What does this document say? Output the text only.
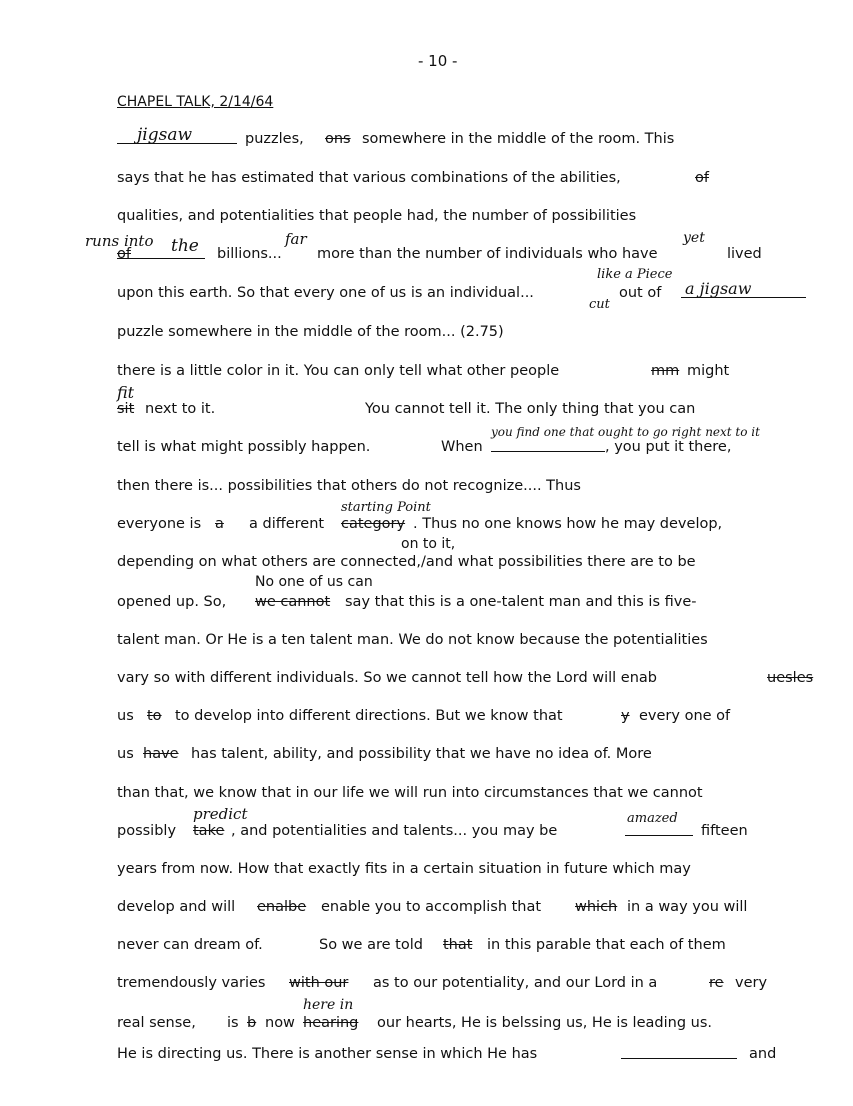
- 10 -
CHAPEL TALK, 2/14/64
jigsaw	puzzles, ons somewhere in the middle of the room. This
says that he has estimated that various combinations of the abilities,	of
qualities, and potentialities that people had, the number of possibilities
runs into
of the billions...
far
more than the number of individuals who have
yet
lived
upon this earth. So that every one of us is an individual...
like a Piece
cut
out of a jigsaw
puzzle somewhere in the middle of the room... (2.75)
there is a little color in it. You can only tell what other people	mm might
fit
sit next to it.	You cannot tell it. The only thing that you can
tell is what might possibly happen.	When
you find one that ought to go right next to it
, you put it there,
then there is... possibilities that others do not recognize.... Thus
everyone is a a different
starting Point
category . Thus no one knows how he may develop,
on to it,
depending on what others are connected,/and what possibilities there are to be
No one of us can
opened up. So, we cannot say that this is a one-talent man and this is five-
talent man. Or He is a ten talent man. We do not know because the potentialities
vary so with different individuals. So we cannot tell how the Lord will enab	uesles
us to to develop into different directions. But we know that	y every one of
us have has talent, ability, and possibility that we have no idea of. More
than that, we know that in our life we will run into circumstances that we cannot
possibly
predict
take , and potentialities and talents... you may be
amazed
fifteen
years from now. How that exactly fits in a certain situation in future which may
develop and will enalbe enable you to accomplish that which in a way you will
never can dream of.	So we are told that in this parable that each of them
tremendously varies with our as to our potentiality, and our Lord in a	re very
real sense, is b now
here in
hearing our hearts, He is belssing us, He is leading us.
He is directing us. There is another sense in which He has	and
